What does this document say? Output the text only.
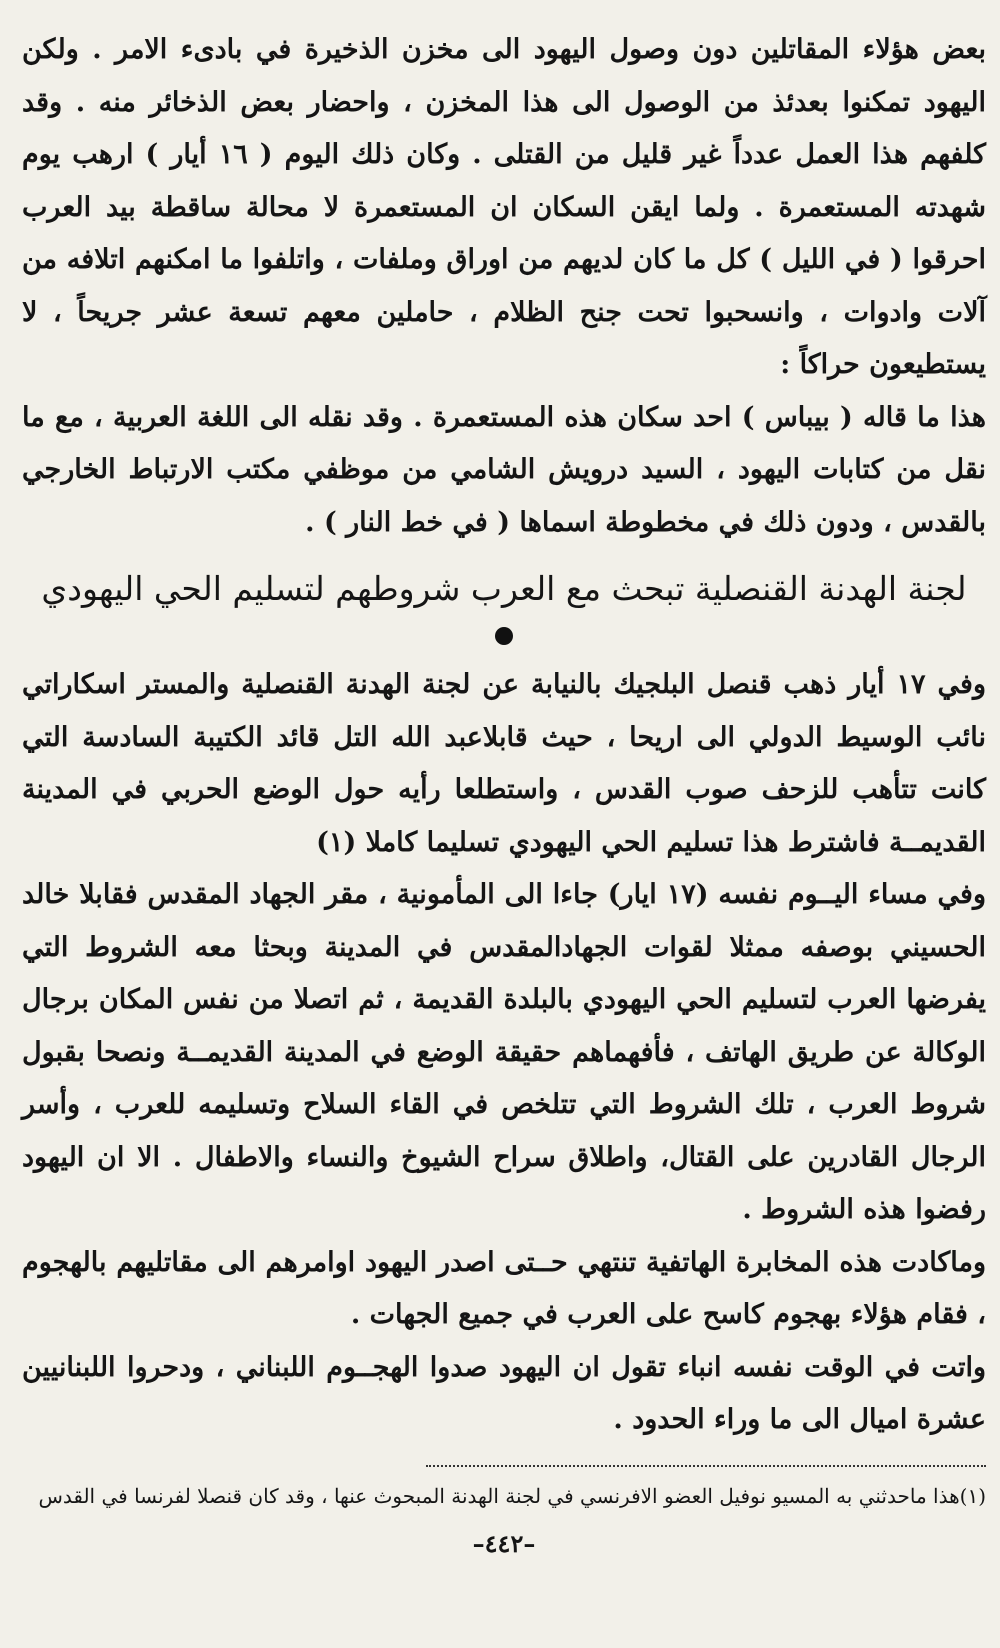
بعض هؤلاء المقاتلين دون وصول اليهود الى مخزن الذخيرة في بادىء الامر . ولكن اليهود تمكنوا بعدئذ من الوصول الى هذا المخزن ، واحضار بعض الذخائر منه . وقد كلفهم هذا العمل عدداً غير قليل من القتلى . وكان ذلك اليوم ( ١٦ أيار ) ارهب يوم شهدته المستعمرة . ولما ايقن السكان ان المستعمرة لا محالة ساقطة بيد العرب احرقوا ( في الليل ) كل ما كان لديهم من اوراق وملفات ، واتلفوا ما امكنهم اتلافه من آلات وادوات ، وانسحبوا تحت جنح الظلام ، حاملين معهم تسعة عشر جريحاً ، لا يستطيعون حراكاً :

هذا ما قاله ( بيباس ) احد سكان هذه المستعمرة . وقد نقله الى اللغة العربية ، مع ما نقل من كتابات اليهود ، السيد درويش الشامي من موظفي مكتب الارتباط الخارجي بالقدس ، ودون ذلك في مخطوطة اسماها ( في خط النار ) .

لجنة الهدنة القنصلية تبحث مع العرب شروطهم لتسليم الحي اليهودي

وفي ١٧ أيار ذهب قنصل البلجيك بالنيابة عن لجنة الهدنة القنصلية والمستر اسكاراتي نائب الوسيط الدولي الى اريحا ، حيث قابلاعبد الله التل قائد الكتيبة السادسة التي كانت تتأهب للزحف صوب القدس ، واستطلعا رأيه حول الوضع الحربي في المدينة القديمــة فاشترط هذا تسليم الحي اليهودي تسليما كاملا (١)

وفي مساء اليــوم نفسه (١٧ ايار) جاءا الى المأمونية ، مقر الجهاد المقدس فقابلا خالد الحسيني بوصفه ممثلا لقوات الجهادالمقدس في المدينة وبحثا معه الشروط التي يفرضها العرب لتسليم الحي اليهودي بالبلدة القديمة ، ثم اتصلا من نفس المكان برجال الوكالة عن طريق الهاتف ، فأفهماهم حقيقة الوضع في المدينة القديمــة ونصحا بقبول شروط العرب ، تلك الشروط التي تتلخص في القاء السلاح وتسليمه للعرب ، وأسر الرجال القادرين على القتال، واطلاق سراح الشيوخ والنساء والاطفال . الا ان اليهود رفضوا هذه الشروط .

وماكادت هذه المخابرة الهاتفية تنتهي حــتى اصدر اليهود اوامرهم الى مقاتليهم بالهجوم ، فقام هؤلاء بهجوم كاسح على العرب في جميع الجهات .

واتت في الوقت نفسه انباء تقول ان اليهود صدوا الهجــوم اللبناني ، ودحروا اللبنانيين عشرة اميال الى ما وراء الحدود .

(١)هذا ماحدثني به المسيو نوفيل العضو الافرنسي في لجنة الهدنة المبحوث عنها ، وقد كان قنصلا لفرنسا في القدس

–٤٤٢–
